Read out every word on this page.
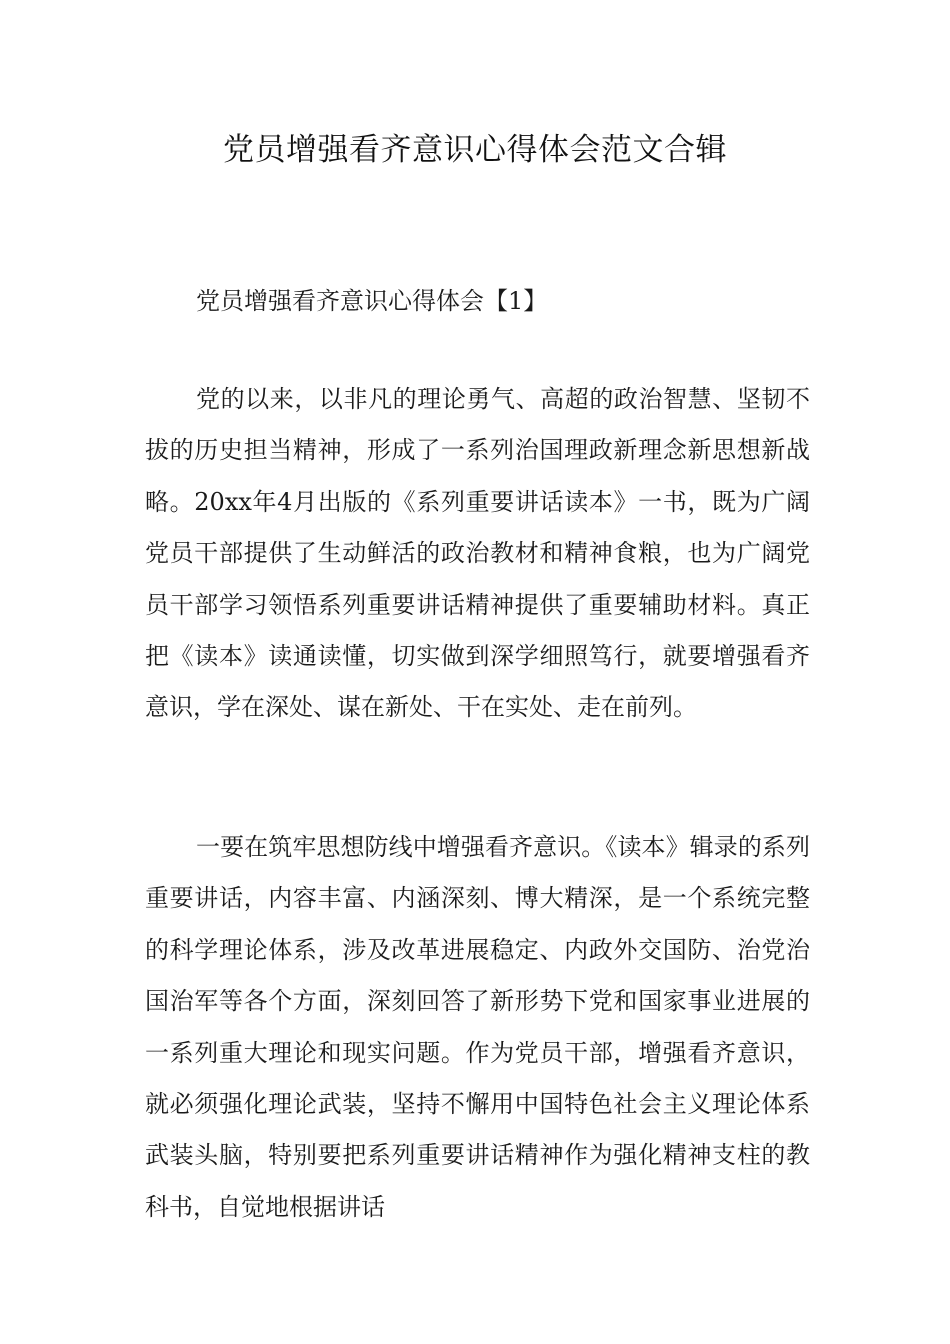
党员增强看齐意识心得体会范文合辑
党员增强看齐意识心得体会【1】

党的以来，以非凡的理论勇气、高超的政治智慧、坚韧不拔的历史担当精神，形成了一系列治国理政新理念新思想新战略。20xx年4月出版的《系列重要讲话读本》一书，既为广阔党员干部提供了生动鲜活的政治教材和精神食粮，也为广阔党员干部学习领悟系列重要讲话精神提供了重要辅助材料。真正把《读本》读通读懂，切实做到深学细照笃行，就要增强看齐意识，学在深处、谋在新处、干在实处、走在前列。

一要在筑牢思想防线中增强看齐意识。《读本》辑录的系列重要讲话，内容丰富、内涵深刻、博大精深，是一个系统完整的科学理论体系，涉及改革进展稳定、内政外交国防、治党治国治军等各个方面，深刻回答了新形势下党和国家事业进展的一系列重大理论和现实问题。作为党员干部，增强看齐意识，就必须强化理论武装，坚持不懈用中国特色社会主义理论体系武装头脑，特别要把系列重要讲话精神作为强化精神支柱的教科书，自觉地根据讲话
